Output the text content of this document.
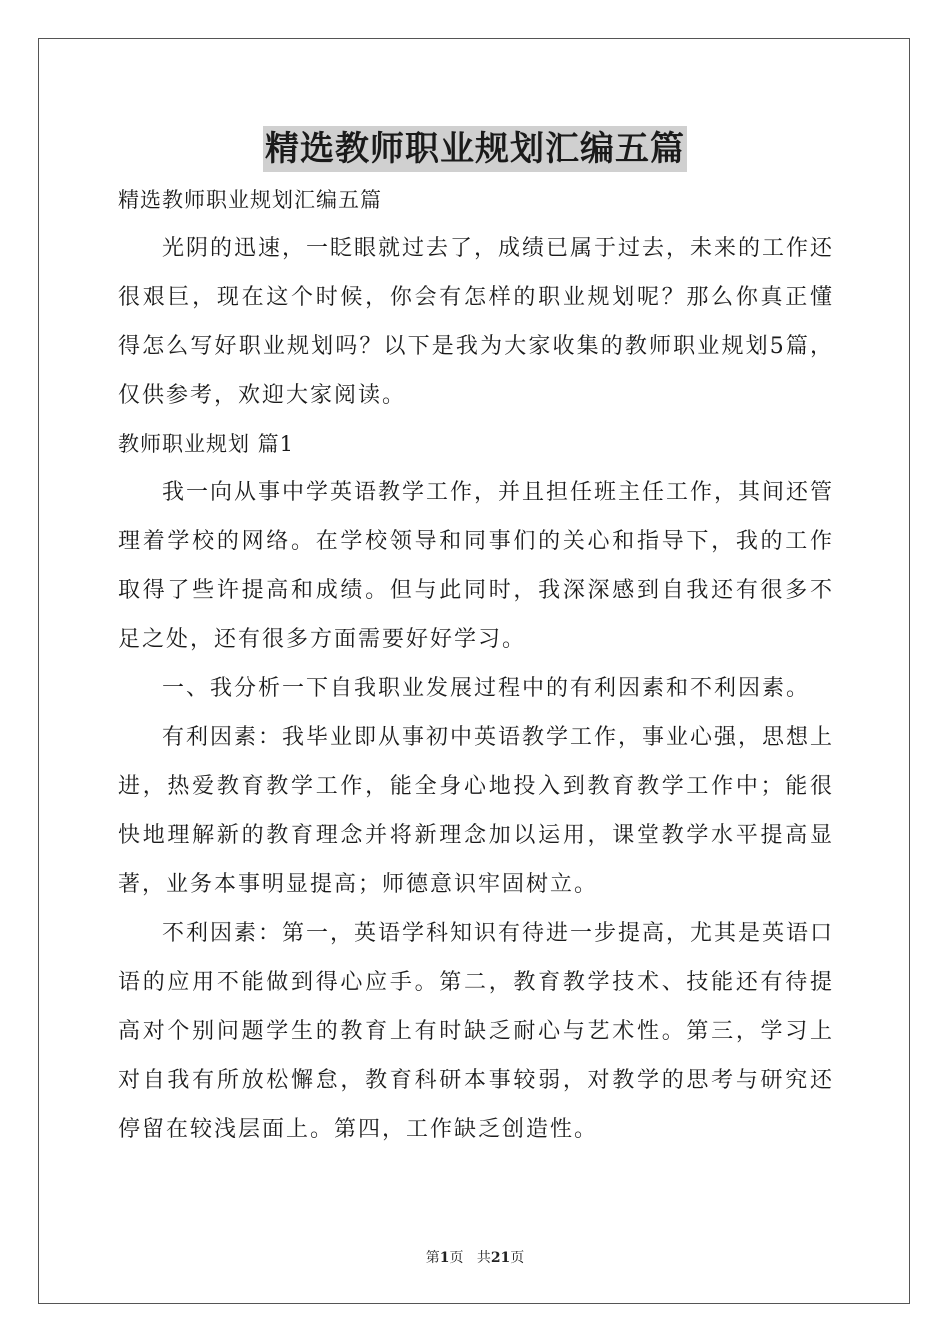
精选教师职业规划汇编五篇

精选教师职业规划汇编五篇

光阴的迅速，一眨眼就过去了，成绩已属于过去，未来的工作还很艰巨，现在这个时候，你会有怎样的职业规划呢？那么你真正懂得怎么写好职业规划吗？以下是我为大家收集的教师职业规划5篇，仅供参考，欢迎大家阅读。

教师职业规划 篇1

我一向从事中学英语教学工作，并且担任班主任工作，其间还管理着学校的网络。在学校领导和同事们的关心和指导下，我的工作取得了些许提高和成绩。但与此同时，我深深感到自我还有很多不足之处，还有很多方面需要好好学习。

一、我分析一下自我职业发展过程中的有利因素和不利因素。

有利因素：我毕业即从事初中英语教学工作，事业心强，思想上进，热爱教育教学工作，能全身心地投入到教育教学工作中；能很快地理解新的教育理念并将新理念加以运用，课堂教学水平提高显著，业务本事明显提高；师德意识牢固树立。

不利因素：第一，英语学科知识有待进一步提高，尤其是英语口语的应用不能做到得心应手。第二，教育教学技术、技能还有待提高对个别问题学生的教育上有时缺乏耐心与艺术性。第三，学习上对自我有所放松懈怠，教育科研本事较弱，对教学的思考与研究还停留在较浅层面上。第四，工作缺乏创造性。

第1页 共21页
